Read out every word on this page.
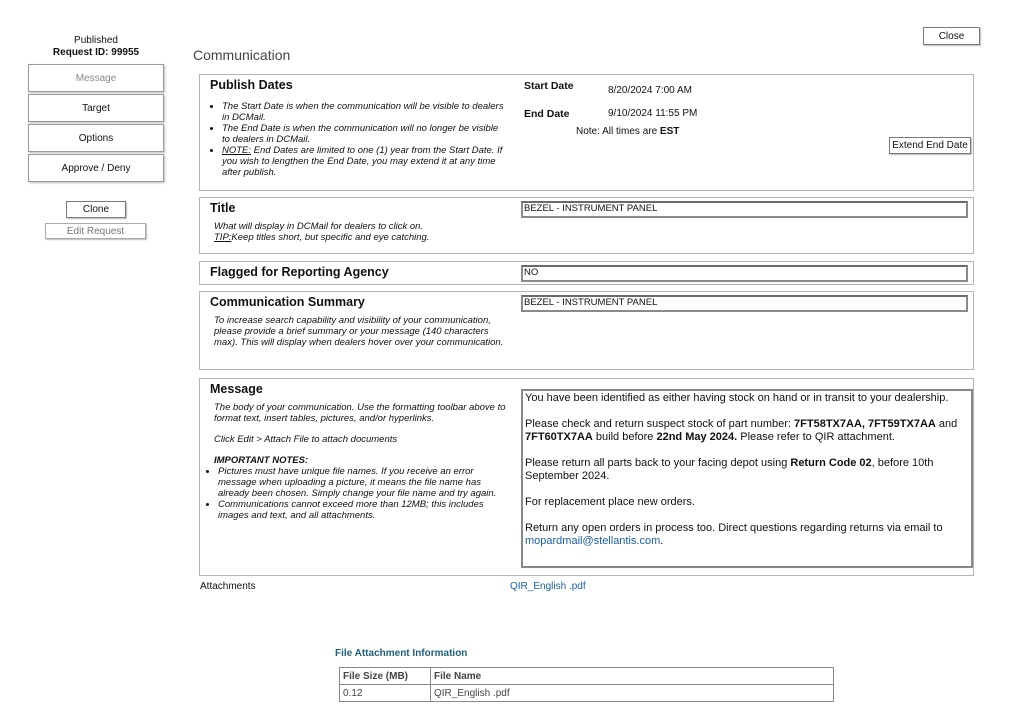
Published
Request ID: 99955
Message
Target
Options
Approve / Deny
Clone
Edit Request
Communication
Close
Publish Dates
• The Start Date is when the communication will be visible to dealers in DCMail.
• The End Date is when the communication will no longer be visible to dealers in DCMail.
• NOTE: End Dates are limited to one (1) year from the Start Date. If you wish to lengthen the End Date, you may extend it at any time after publish.
Start Date	8/20/2024 7:00 AM
End Date	9/10/2024 11:55 PM
Note: All times are EST
Extend End Date
Title
What will display in DCMail for dealers to click on.
TIP:Keep titles short, but specific and eye catching.
BEZEL - INSTRUMENT PANEL
Flagged for Reporting Agency	NO
Communication Summary
To increase search capability and visibility of your communication, please provide a brief summary or your message (140 characters max). This will display when dealers hover over your communication.
BEZEL - INSTRUMENT PANEL
Message
The body of your communication. Use the formatting toolbar above to format text, insert tables, pictures, and/or hyperlinks.
Click Edit > Attach File to attach documents
IMPORTANT NOTES:
• Pictures must have unique file names. If you receive an error message when uploading a picture, it means the file name has already been chosen. Simply change your file name and try again.
• Communications cannot exceed more than 12MB; this includes images and text, and all attachments.

You have been identified as either having stock on hand or in transit to your dealership.

Please check and return suspect stock of part number: 7FT58TX7AA, 7FT59TX7AA and 7FT60TX7AA build before 22nd May 2024. Please refer to QIR attachment.

Please return all parts back to your facing depot using Return Code 02, before 10th September 2024.

For replacement place new orders.

Return any open orders in process too. Direct questions regarding returns via email to mopardmail@stellantis.com.

Attachments	QIR_English .pdf
File Attachment Information
File Size (MB)	File Name
0.12	QIR_English .pdf
